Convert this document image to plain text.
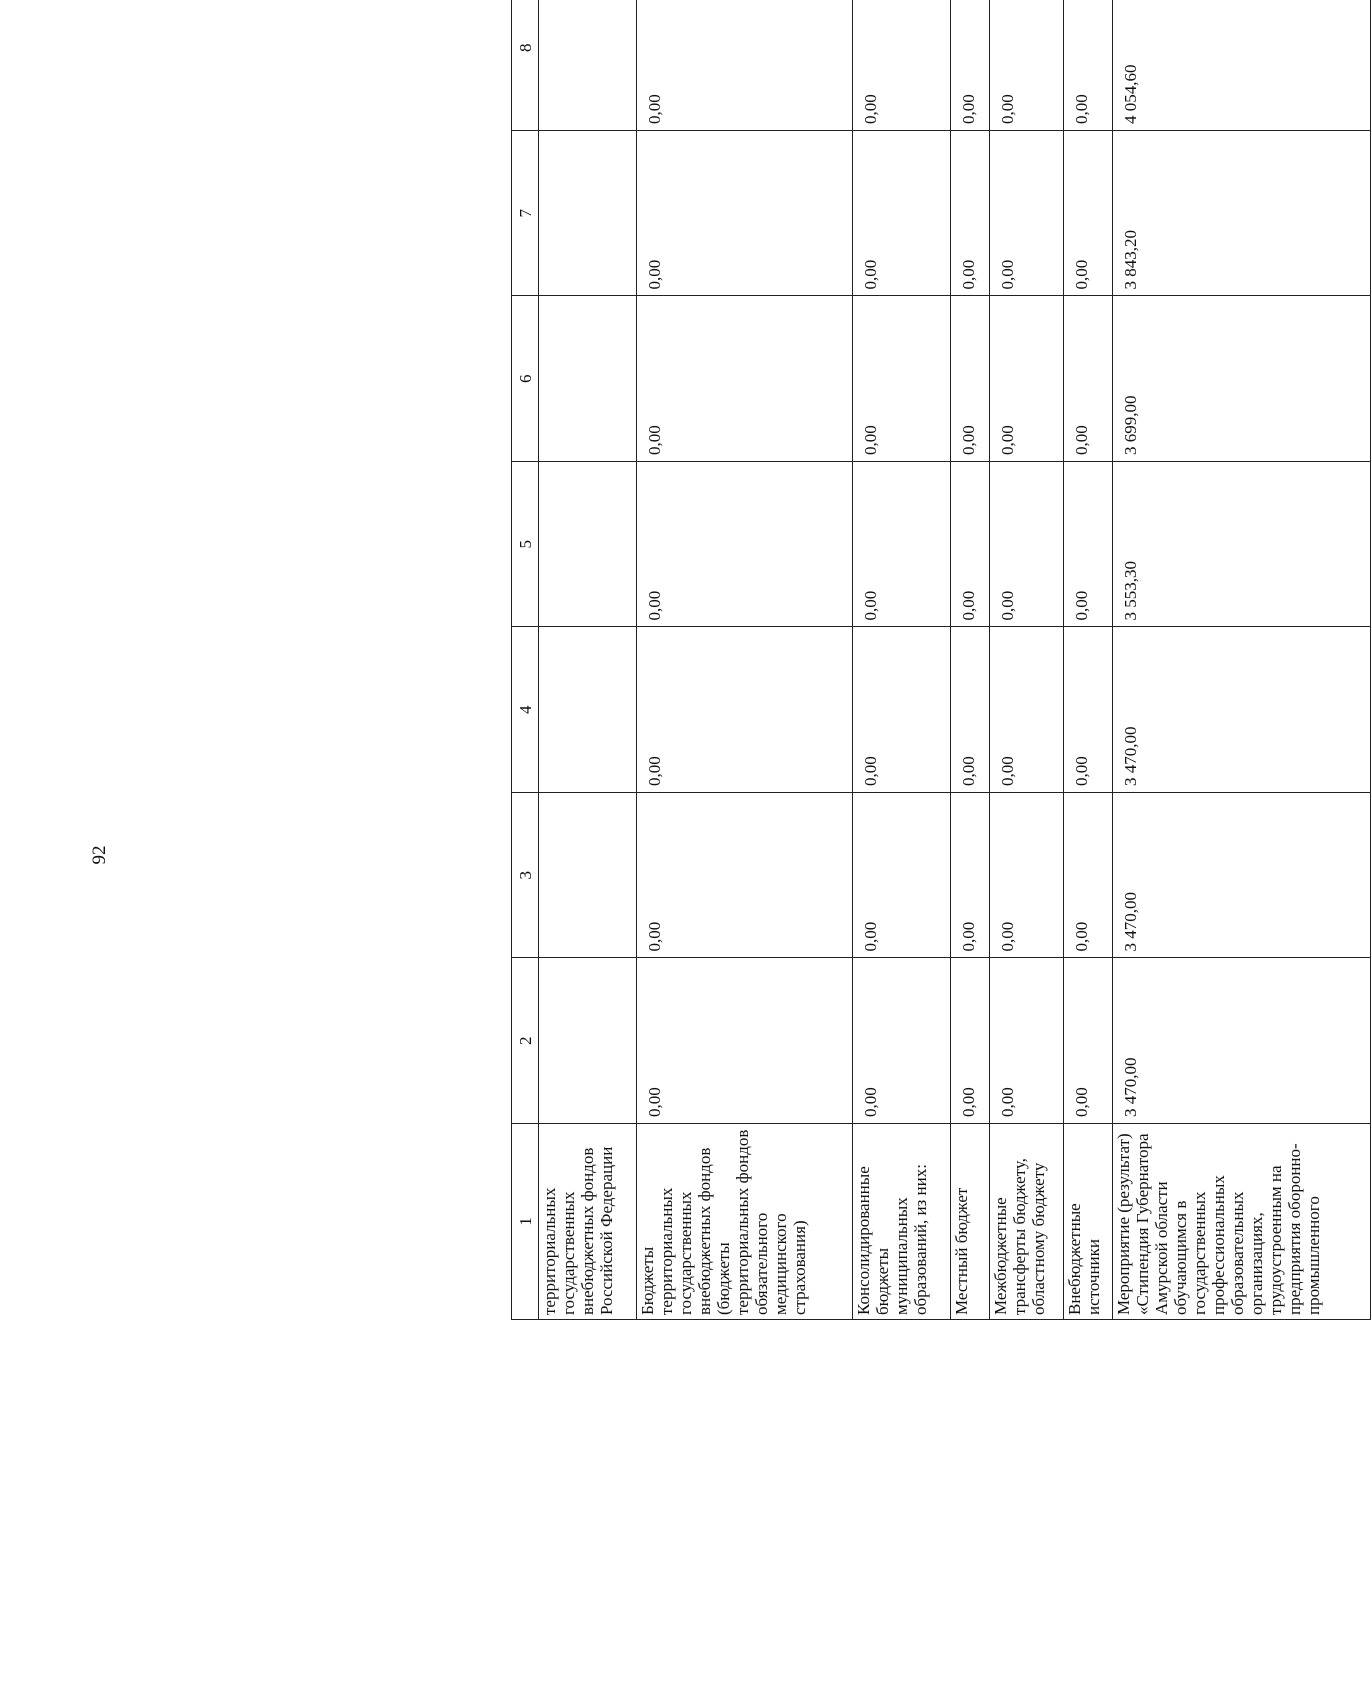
92
1	2	3	4	5	6	7	8	
территориальных государственных внебюджетных фондов Российской Федерации								
Бюджеты территориальных государственных внебюджетных фондов (бюджеты территориальных фондов обязательного медицинского страхования)	0,00	0,00	0,00	0,00	0,00	0,00	0,00	
Консолидированные бюджеты муниципальных образований, из них:	0,00	0,00	0,00	0,00	0,00	0,00	0,00	
Местный бюджет	0,00	0,00	0,00	0,00	0,00	0,00	0,00	
Межбюджетные трансферты бюджету, областному бюджету	0,00	0,00	0,00	0,00	0,00	0,00	0,00	
Внебюджетные источники	0,00	0,00	0,00	0,00	0,00	0,00	0,00	
Мероприятие (результат) «Стипендия Губернатора Амурской области обучающимся в государственных профессиональных образовательных организациях, трудоустроенным на предприятия оборонно-промышленного	3 470,00	3 470,00	3 470,00	3 553,30	3 699,00	3 843,20	4 054,60	
